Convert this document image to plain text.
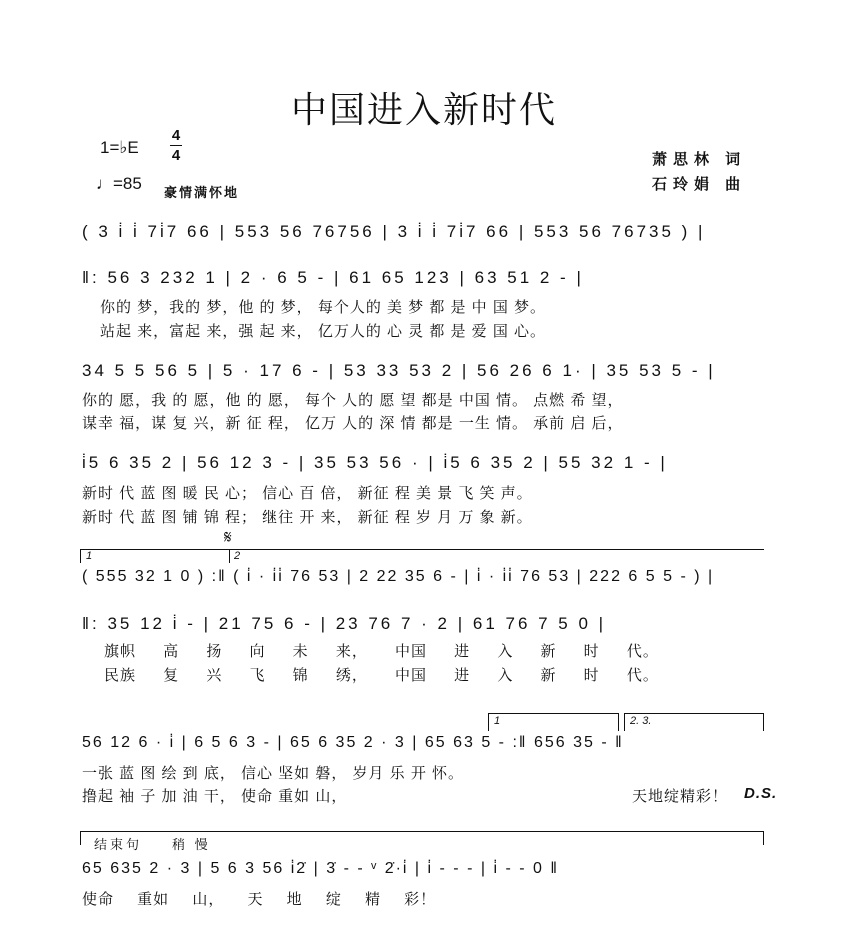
中国进入新时代
1=♭E
4
4
♩=85 豪情满怀地
萧思林 词
石玲娟 曲
( 3 i̇ i̇ 7i̇7 66 | 553 56 76756 | 3 i̇ i̇ 7i̇7 66 | 553 56 76735 ) |
‖: 56 3 232 1 | 2 · 6 5 - | 61 65 123 | 63 51 2 - |
你的 梦，我的 梦，他 的 梦， 每个人的 美 梦 都 是 中 国 梦。
站起 来，富起 来，强 起 来， 亿万人的 心 灵 都 是 爱 国 心。
34 5 5 56 5 | 5 · 17 6 - | 53 33 53 2 | 56 26 6 1· | 35 53 5 - |
你的 愿，我 的 愿，他 的 愿， 每个 人的 愿 望 都是 中国 情。 点燃 希 望，
谋幸 福，谋 复 兴，新 征 程， 亿万 人的 深 情 都是 一生 情。 承前 启 后，
i̇5 6 35 2 | 56 12 3 - | 35 53 56 · | i̇5 6 35 2 | 55 32 1 - |
新时 代 蓝 图 暖 民 心； 信心 百 倍， 新征 程 美 景 飞 笑 声。
新时 代 蓝 图 铺 锦 程； 继往 开 来， 新征 程 岁 月 万 象 新。
1	2
𝄋
( 555 32 1 0 ) :‖ ( i̇ · i̇i̇ 76 53 | 2 22 35 6 - | i̇ · i̇i̇ 76 53 | 222 6 5 5 - ) |
‖: 35 12 i̇ - | 21 75 6 - | 23 76 7 · 2 | 61 76 7 5 0 |
旗帜 高 扬 向 未 来， 中国 进 入 新 时 代。
民族 复 兴 飞 锦 绣， 中国 进 入 新 时 代。
1	2. 3.
56 12 6 · i̇ | 6 5 6 3 - | 65 6 35 2 · 3 | 65 63 5 - :‖ 656 35 - ‖
一张 蓝 图 绘 到 底， 信心 坚如 磐， 岁月 乐 开 怀。
撸起 袖 子 加 油 干， 使命 重如 山，	天地绽精彩！ D.S.
结束句 稍 慢
65 635 2 · 3 | 5 6 3 56 i̇2̇ | 3̇ - - ᵛ 2̇·i̇ | i̇ - - - | i̇ - - 0 ‖
使命 重如 山， 天 地 绽 精 彩！
